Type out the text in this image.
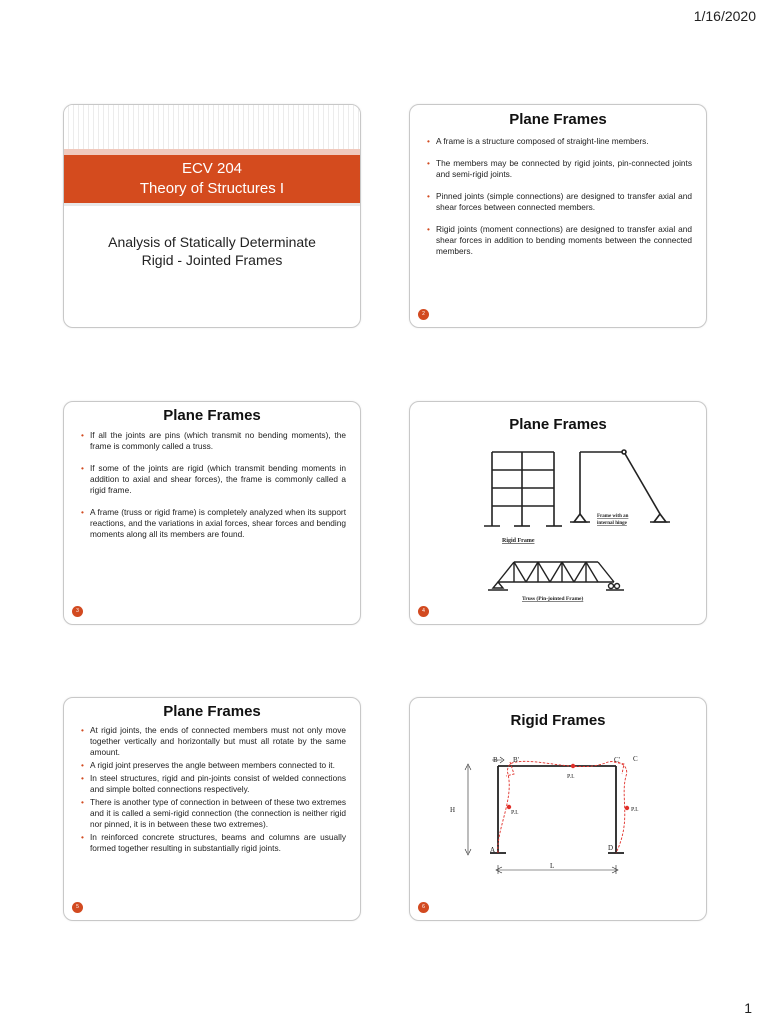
1/16/2020
ECV 204
Theory of Structures I
Analysis of Statically Determinate
Rigid - Jointed Frames
Plane Frames
• A frame is a structure composed of straight-line members.
• The members may be connected by rigid joints, pin-connected joints and semi-rigid joints.
• Pinned joints (simple connections) are designed to transfer axial and shear forces between connected members.
• Rigid joints (moment connections) are designed to transfer axial and shear forces in addition to bending moments between the connected members.
2
Plane Frames
• If all the joints are pins (which transmit no bending moments), the frame is commonly called a truss.
• If some of the joints are rigid (which transmit bending moments in addition to axial and shear forces), the frame is commonly called a rigid frame.
• A frame (truss or rigid frame) is completely analyzed when its support reactions, and the variations in axial forces, shear forces and bending moments along all its members are found.
3
Plane Frames
Rigid Frame
Frame with an
internal hinge
Truss (Pin-jointed Frame)
4
Plane Frames
• At rigid joints, the ends of connected members must not only move together vertically and horizontally but must all rotate by the same amount.
• A rigid joint preserves the angle between members connected to it.
• In steel structures, rigid and pin-joints consist of welded connections and simple bolted connections respectively.
• There is another type of connection in between of these two extremes and it is called a semi-rigid connection (the connection is neither rigid nor pinned, it is in between these two extremes).
• In reinforced concrete structures, beams and columns are usually formed together resulting in substantially rigid joints.
5
Rigid Frames
A
B B'	C' C
D
H
L
P.I.
P.I.	P.I.
6
1
